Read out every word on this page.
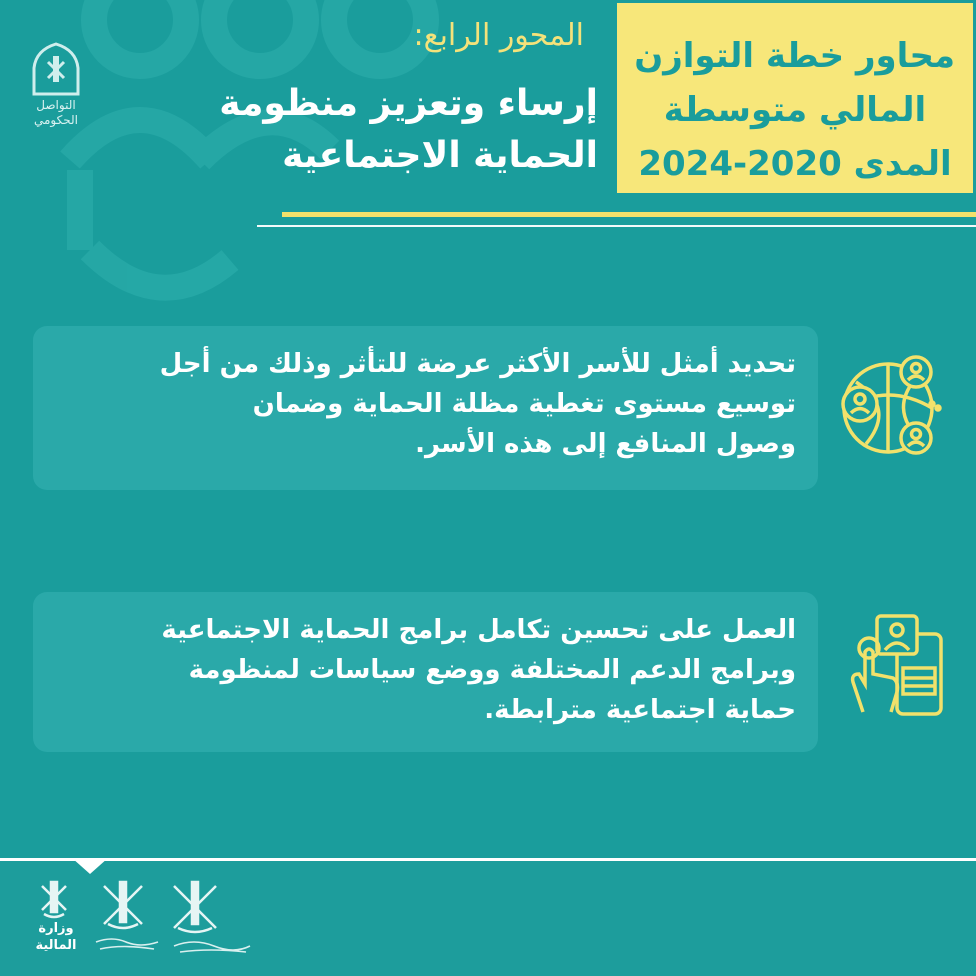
التواصل
الحكومي
محاور خطة التوازن
المالي متوسطة
المدى 2020-2024
المحور الرابع:
إرساء وتعزيز منظومة
الحماية الاجتماعية
تحديد أمثل للأسر الأكثر عرضة للتأثر وذلك من أجل
توسيع مستوى تغطية مظلة الحماية وضمان
وصول المنافع إلى هذه الأسر.
العمل على تحسين تكامل برامج الحماية الاجتماعية
وبرامج الدعم المختلفة ووضع سياسات لمنظومة
حماية اجتماعية مترابطة.
وزارة
المالية
